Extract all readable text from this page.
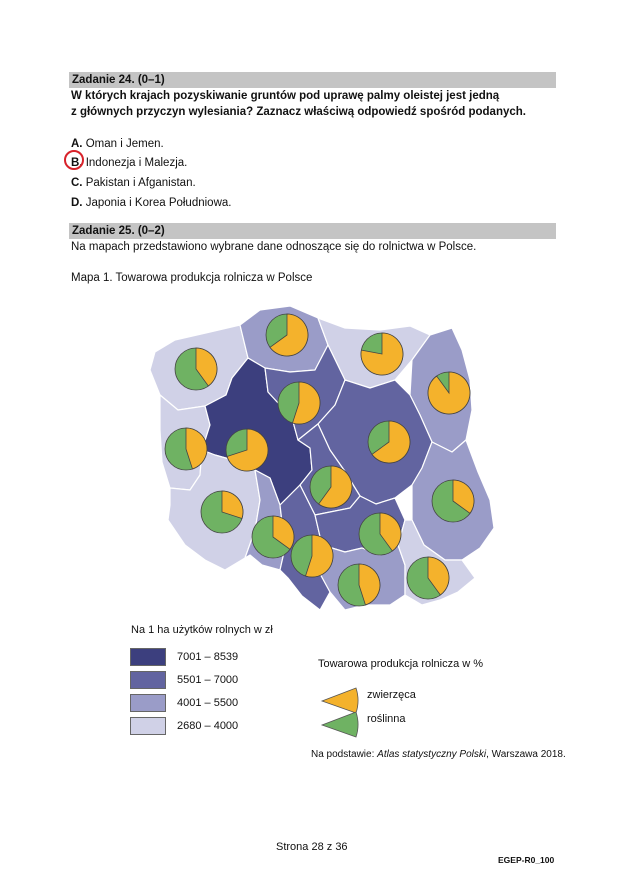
Zadanie 24. (0–1)
W których krajach pozyskiwanie gruntów pod uprawę palmy oleistej jest jedną
z głównych przyczyn wylesiania? Zaznacz właściwą odpowiedź spośród podanych.
A. Oman i Jemen.
B. Indonezja i Malezja.
C. Pakistan i Afganistan.
D. Japonia i Korea Południowa.
Zadanie 25. (0–2)
Na mapach przedstawiono wybrane dane odnoszące się do rolnictwa w Polsce.
Mapa 1. Towarowa produkcja rolnicza w Polsce
Na 1 ha użytków rolnych w zł
7001 – 8539
5501 – 7000
4001 – 5500
2680 – 4000
Towarowa produkcja rolnicza w %
zwierzęca
roślinna
Na podstawie: Atlas statystyczny Polski, Warszawa 2018.
Strona 28 z 36
EGEP-R0_100
